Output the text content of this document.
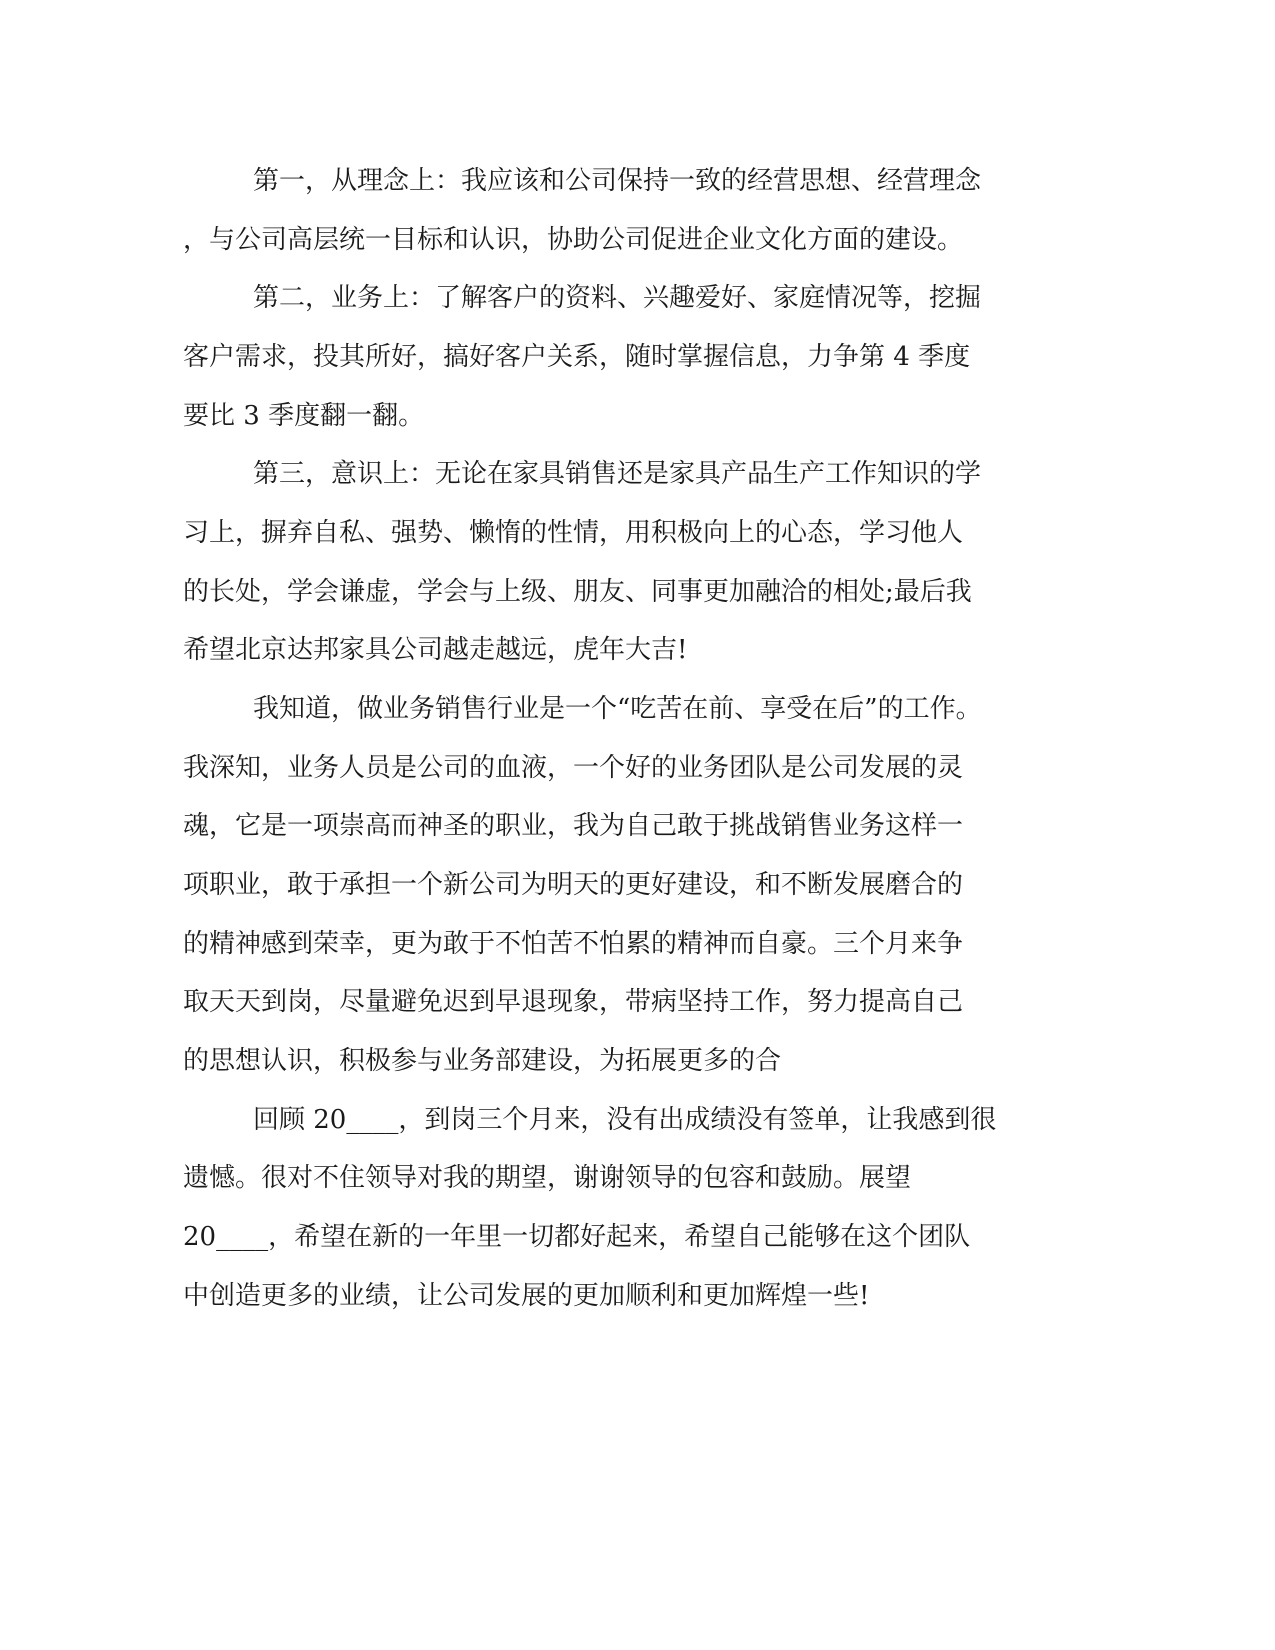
第一，从理念上：我应该和公司保持一致的经营思想、经营理念

，与公司高层统一目标和认识，协助公司促进企业文化方面的建设。

第二，业务上：了解客户的资料、兴趣爱好、家庭情况等，挖掘

客户需求，投其所好，搞好客户关系，随时掌握信息，力争第 4 季度

要比 3 季度翻一翻。

第三，意识上：无论在家具销售还是家具产品生产工作知识的学

习上，摒弃自私、强势、懒惰的性情，用积极向上的心态，学习他人

的长处，学会谦虚，学会与上级、朋友、同事更加融洽的相处;最后我

希望北京达邦家具公司越走越远，虎年大吉!

我知道，做业务销售行业是一个“吃苦在前、享受在后”的工作。

我深知，业务人员是公司的血液，一个好的业务团队是公司发展的灵

魂，它是一项崇高而神圣的职业，我为自己敢于挑战销售业务这样一

项职业，敢于承担一个新公司为明天的更好建设，和不断发展磨合的

的精神感到荣幸，更为敢于不怕苦不怕累的精神而自豪。三个月来争

取天天到岗，尽量避免迟到早退现象，带病坚持工作，努力提高自己

的思想认识，积极参与业务部建设，为拓展更多的合

回顾 20____，到岗三个月来，没有出成绩没有签单，让我感到很

遗憾。很对不住领导对我的期望，谢谢领导的包容和鼓励。展望

20____，希望在新的一年里一切都好起来，希望自己能够在这个团队

中创造更多的业绩，让公司发展的更加顺利和更加辉煌一些!
